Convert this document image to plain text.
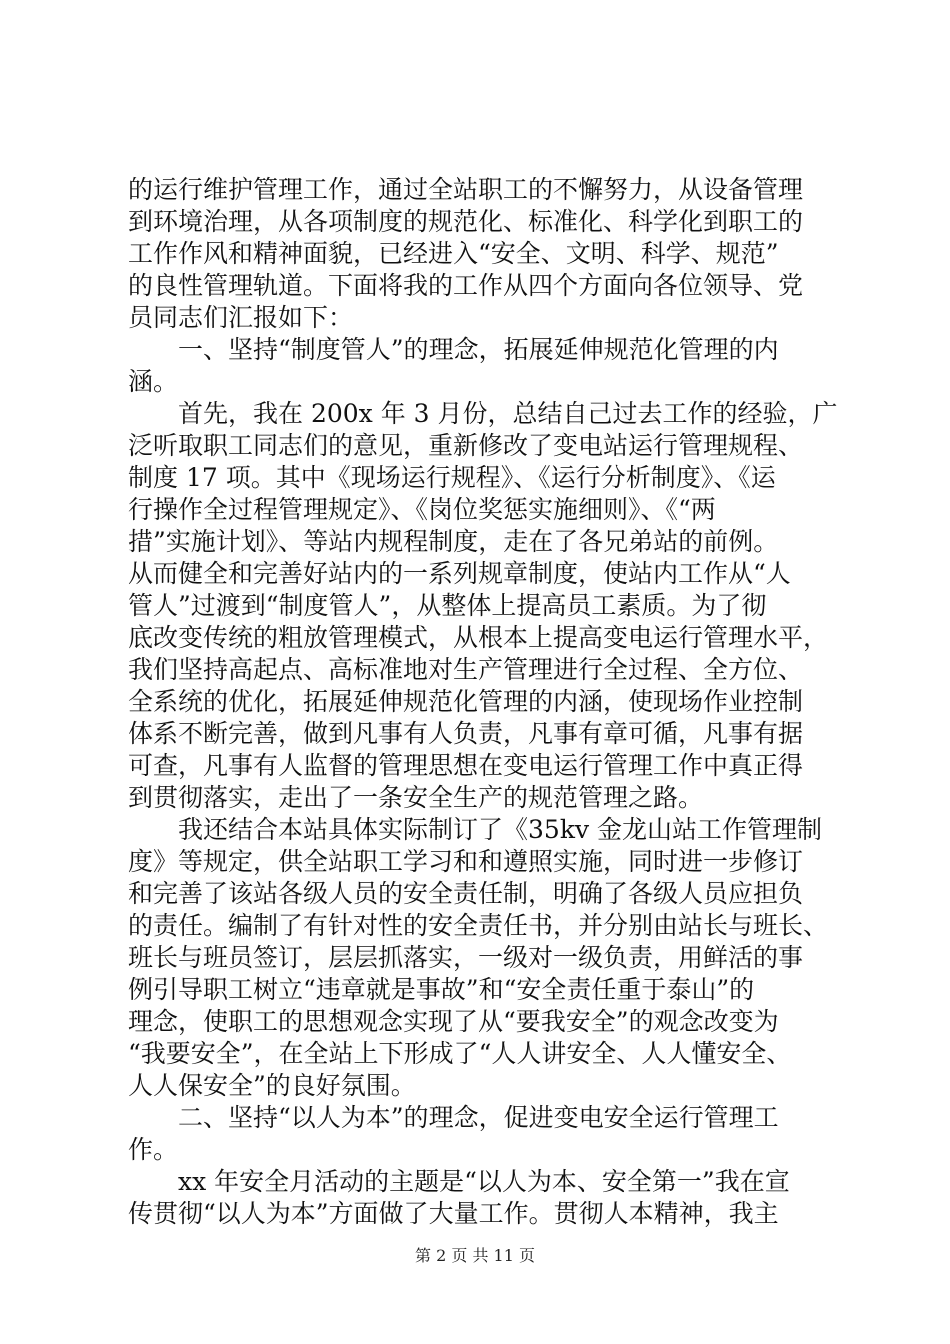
的运行维护管理工作，通过全站职工的不懈努力，从设备管理
到环境治理，从各项制度的规范化、标准化、科学化到职工的
工作作风和精神面貌，已经进入“安全、文明、科学、规范”
的良性管理轨道。下面将我的工作从四个方面向各位领导、党
员同志们汇报如下：
　　一、坚持“制度管人”的理念，拓展延伸规范化管理的内
涵。
　　首先，我在 200x 年 3 月份，总结自己过去工作的经验，广
泛听取职工同志们的意见，重新修改了变电站运行管理规程、
制度 17 项。其中《现场运行规程》、《运行分析制度》、《运
行操作全过程管理规定》、《岗位奖惩实施细则》、《“两
措”实施计划》、等站内规程制度，走在了各兄弟站的前例。
从而健全和完善好站内的一系列规章制度，使站内工作从“人
管人”过渡到“制度管人”，从整体上提高员工素质。为了彻
底改变传统的粗放管理模式，从根本上提高变电运行管理水平，
我们坚持高起点、高标准地对生产管理进行全过程、全方位、
全系统的优化，拓展延伸规范化管理的内涵，使现场作业控制
体系不断完善，做到凡事有人负责，凡事有章可循，凡事有据
可查，凡事有人监督的管理思想在变电运行管理工作中真正得
到贯彻落实，走出了一条安全生产的规范管理之路。
　　我还结合本站具体实际制订了《35kv 金龙山站工作管理制
度》等规定，供全站职工学习和和遵照实施，同时进一步修订
和完善了该站各级人员的安全责任制，明确了各级人员应担负
的责任。编制了有针对性的安全责任书，并分别由站长与班长、
班长与班员签订，层层抓落实，一级对一级负责，用鲜活的事
例引导职工树立“违章就是事故”和“安全责任重于泰山”的
理念，使职工的思想观念实现了从“要我安全”的观念改变为
“我要安全”，在全站上下形成了“人人讲安全、人人懂安全、
人人保安全”的良好氛围。
　　二、坚持“以人为本”的理念，促进变电安全运行管理工
作。
　　xx 年安全月活动的主题是“以人为本、安全第一”我在宣
传贯彻“以人为本”方面做了大量工作。贯彻人本精神，我主
第 2 页 共 11 页
